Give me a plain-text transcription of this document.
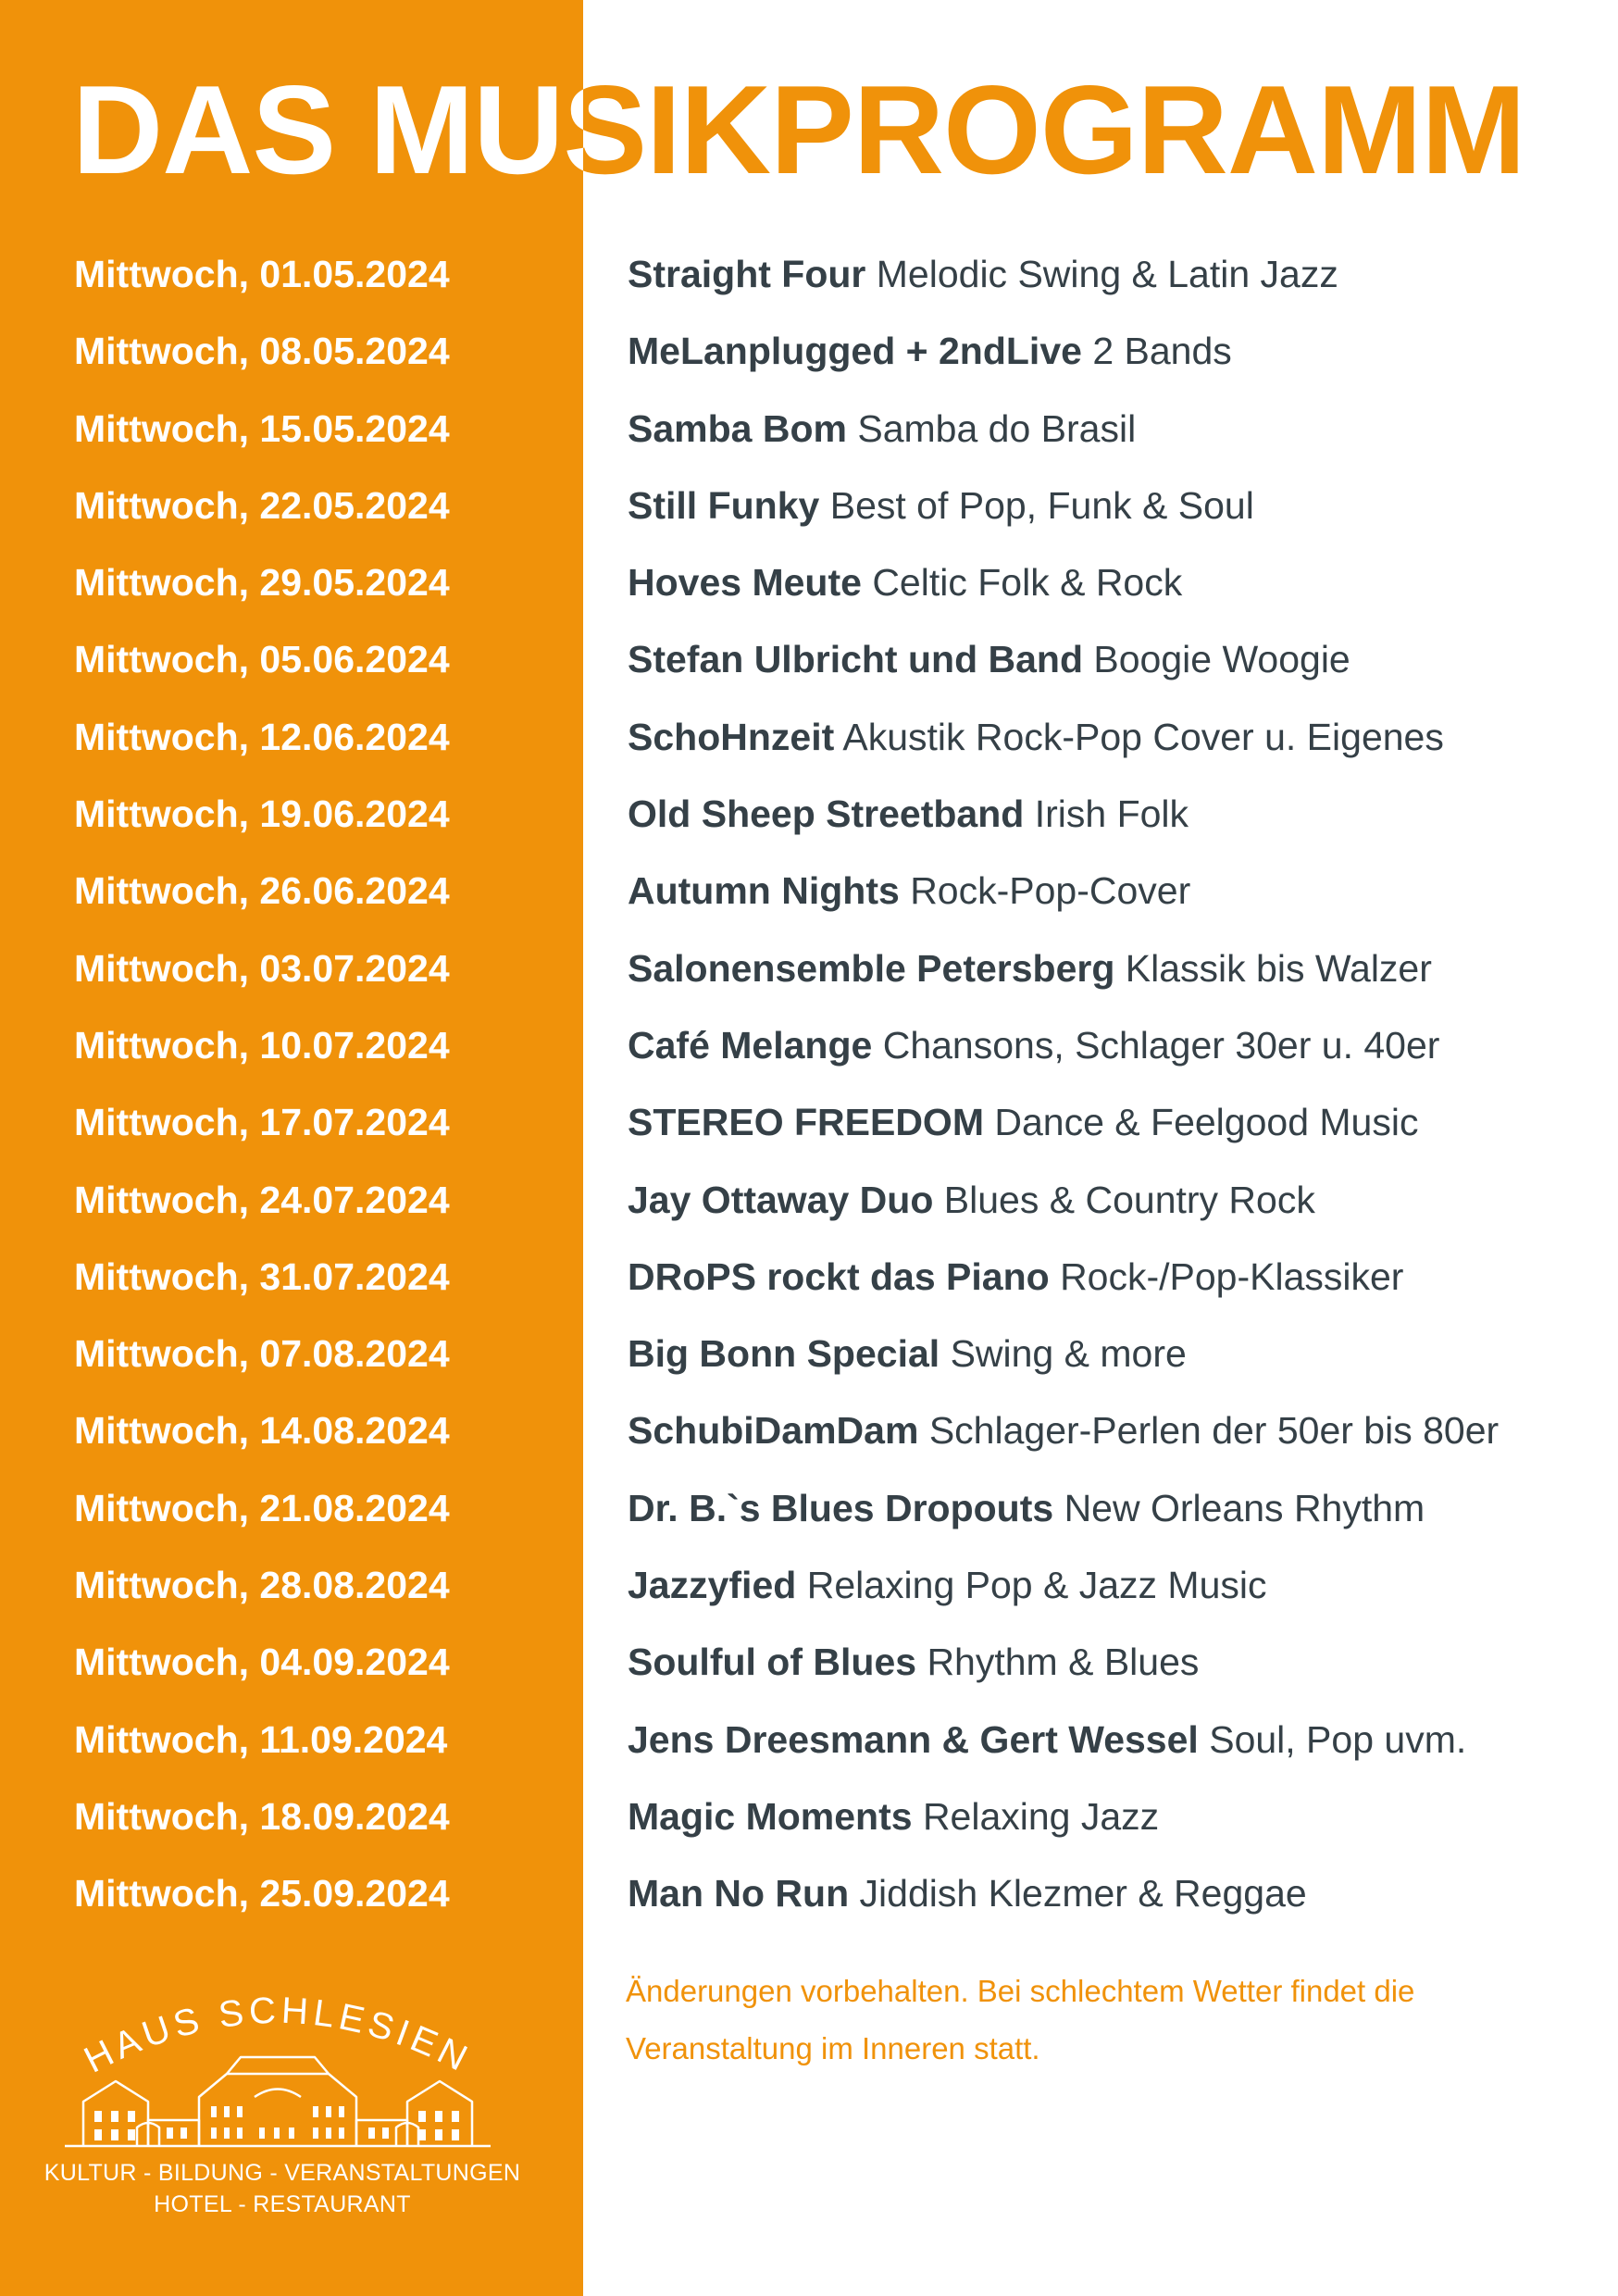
DAS MUSIKPROGRAMM
Mittwoch, 01.05.2024	Straight Four Melodic Swing & Latin Jazz
Mittwoch, 08.05.2024	MeLanplugged + 2ndLive 2 Bands
Mittwoch, 15.05.2024	Samba Bom Samba do Brasil
Mittwoch, 22.05.2024	Still Funky Best of Pop, Funk & Soul
Mittwoch, 29.05.2024	Hoves Meute Celtic Folk & Rock
Mittwoch, 05.06.2024	Stefan Ulbricht und Band Boogie Woogie
Mittwoch, 12.06.2024	SchoHnzeit Akustik Rock-Pop Cover u. Eigenes
Mittwoch, 19.06.2024	Old Sheep Streetband Irish Folk
Mittwoch, 26.06.2024	Autumn Nights Rock-Pop-Cover
Mittwoch, 03.07.2024	Salonensemble Petersberg Klassik bis Walzer
Mittwoch, 10.07.2024	Café Melange Chansons, Schlager 30er u. 40er
Mittwoch, 17.07.2024	STEREO FREEDOM Dance & Feelgood Music
Mittwoch, 24.07.2024	Jay Ottaway Duo Blues & Country Rock
Mittwoch, 31.07.2024	DRoPS rockt das Piano Rock-/Pop-Klassiker
Mittwoch, 07.08.2024	Big Bonn Special Swing & more
Mittwoch, 14.08.2024	SchubiDamDam Schlager-Perlen der 50er bis 80er
Mittwoch, 21.08.2024	Dr. B.`s Blues Dropouts New Orleans Rhythm
Mittwoch, 28.08.2024	Jazzyfied Relaxing Pop & Jazz Music
Mittwoch, 04.09.2024	Soulful of Blues Rhythm & Blues
Mittwoch, 11.09.2024	Jens Dreesmann & Gert Wessel Soul, Pop uvm.
Mittwoch, 18.09.2024	Magic Moments Relaxing Jazz
Mittwoch, 25.09.2024	Man No Run Jiddish Klezmer & Reggae
Änderungen vorbehalten. Bei schlechtem Wetter findet die
Veranstaltung im Inneren statt.
HAUS SCHLESIEN
KULTUR - BILDUNG - VERANSTALTUNGEN
HOTEL - RESTAURANT
